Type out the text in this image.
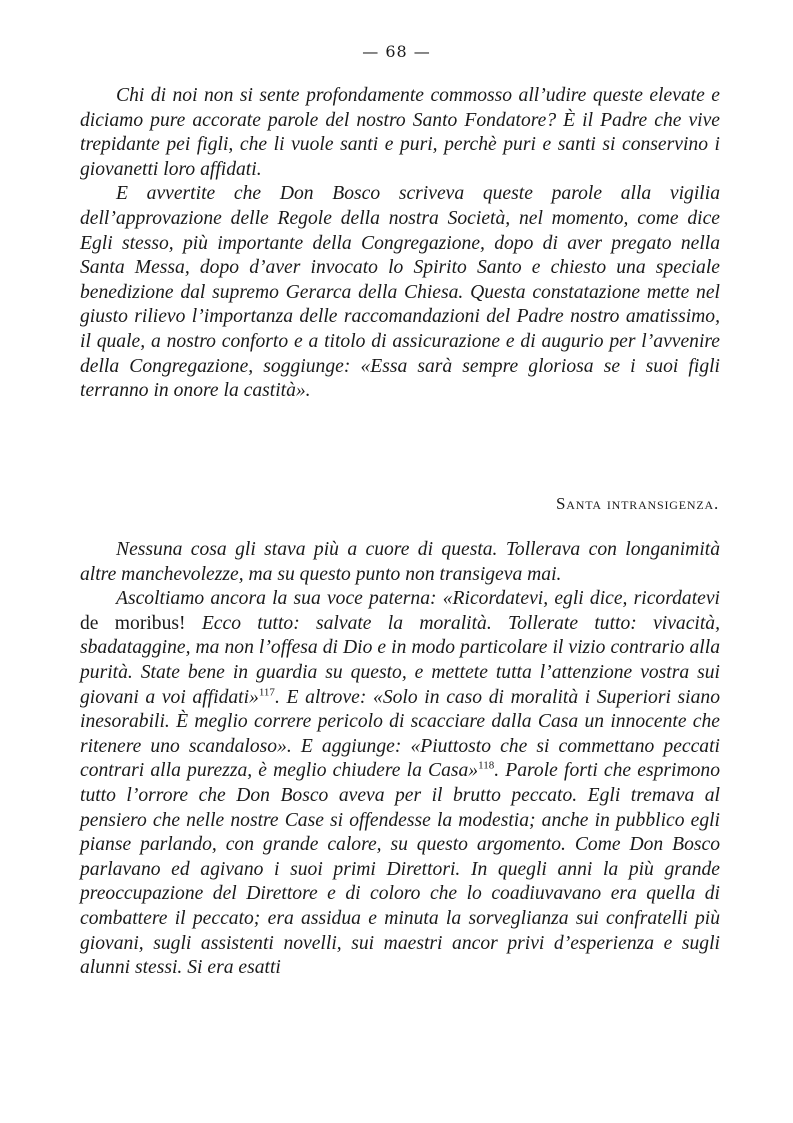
— 68 —

Chi di noi non si sente profondamente commosso all’udire queste elevate e diciamo pure accorate parole del nostro Santo Fondatore? È il Padre che vive trepidante pei figli, che li vuole santi e puri, perchè puri e santi si conservino i giovanetti loro affidati.

E avvertite che Don Bosco scriveva queste parole alla vigilia dell’approvazione delle Regole della nostra Società, nel momento, come dice Egli stesso, più importante della Congregazione, dopo di aver pregato nella Santa Messa, dopo d’aver invocato lo Spirito Santo e chiesto una speciale benedizione dal supremo Gerarca della Chiesa. Questa constatazione mette nel giusto rilievo l’importanza delle raccomandazioni del Padre nostro amatissimo, il quale, a nostro conforto e a titolo di assicurazione e di augurio per l’avvenire della Congregazione, soggiunge: «Essa sarà sempre gloriosa se i suoi figli terranno in onore la castità».

Santa intransigenza.

Nessuna cosa gli stava più a cuore di questa. Tollerava con longanimità altre manchevolezze, ma su questo punto non transigeva mai.

Ascoltiamo ancora la sua voce paterna: «Ricordatevi, egli dice, ricordatevi de moribus! Ecco tutto: salvate la moralità. Tollerate tutto: vivacità, sbadataggine, ma non l’offesa di Dio e in modo particolare il vizio contrario alla purità. State bene in guardia su questo, e mettete tutta l’attenzione vostra sui giovani a voi affidati»$^{117}$. E altrove: «Solo in caso di moralità i Superiori siano inesorabili. È meglio correre pericolo di scacciare dalla Casa un innocente che ritenere uno scandaloso». E aggiunge: «Piuttosto che si commettano peccati contrari alla purezza, è meglio chiudere la Casa»$^{118}$. Parole forti che esprimono tutto l’orrore che Don Bosco aveva per il brutto peccato. Egli tremava al pensiero che nelle nostre Case si offendesse la modestia; anche in pubblico egli pianse parlando, con grande calore, su questo argomento. Come Don Bosco parlavano ed agivano i suoi primi Direttori. In quegli anni la più grande preoccupazione del Direttore e di coloro che lo coadiuvavano era quella di combattere il peccato; era assidua e minuta la sorveglianza sui confratelli più giovani, sugli assistenti novelli, sui maestri ancor privi d’esperienza e sugli alunni stessi. Si era esatti
